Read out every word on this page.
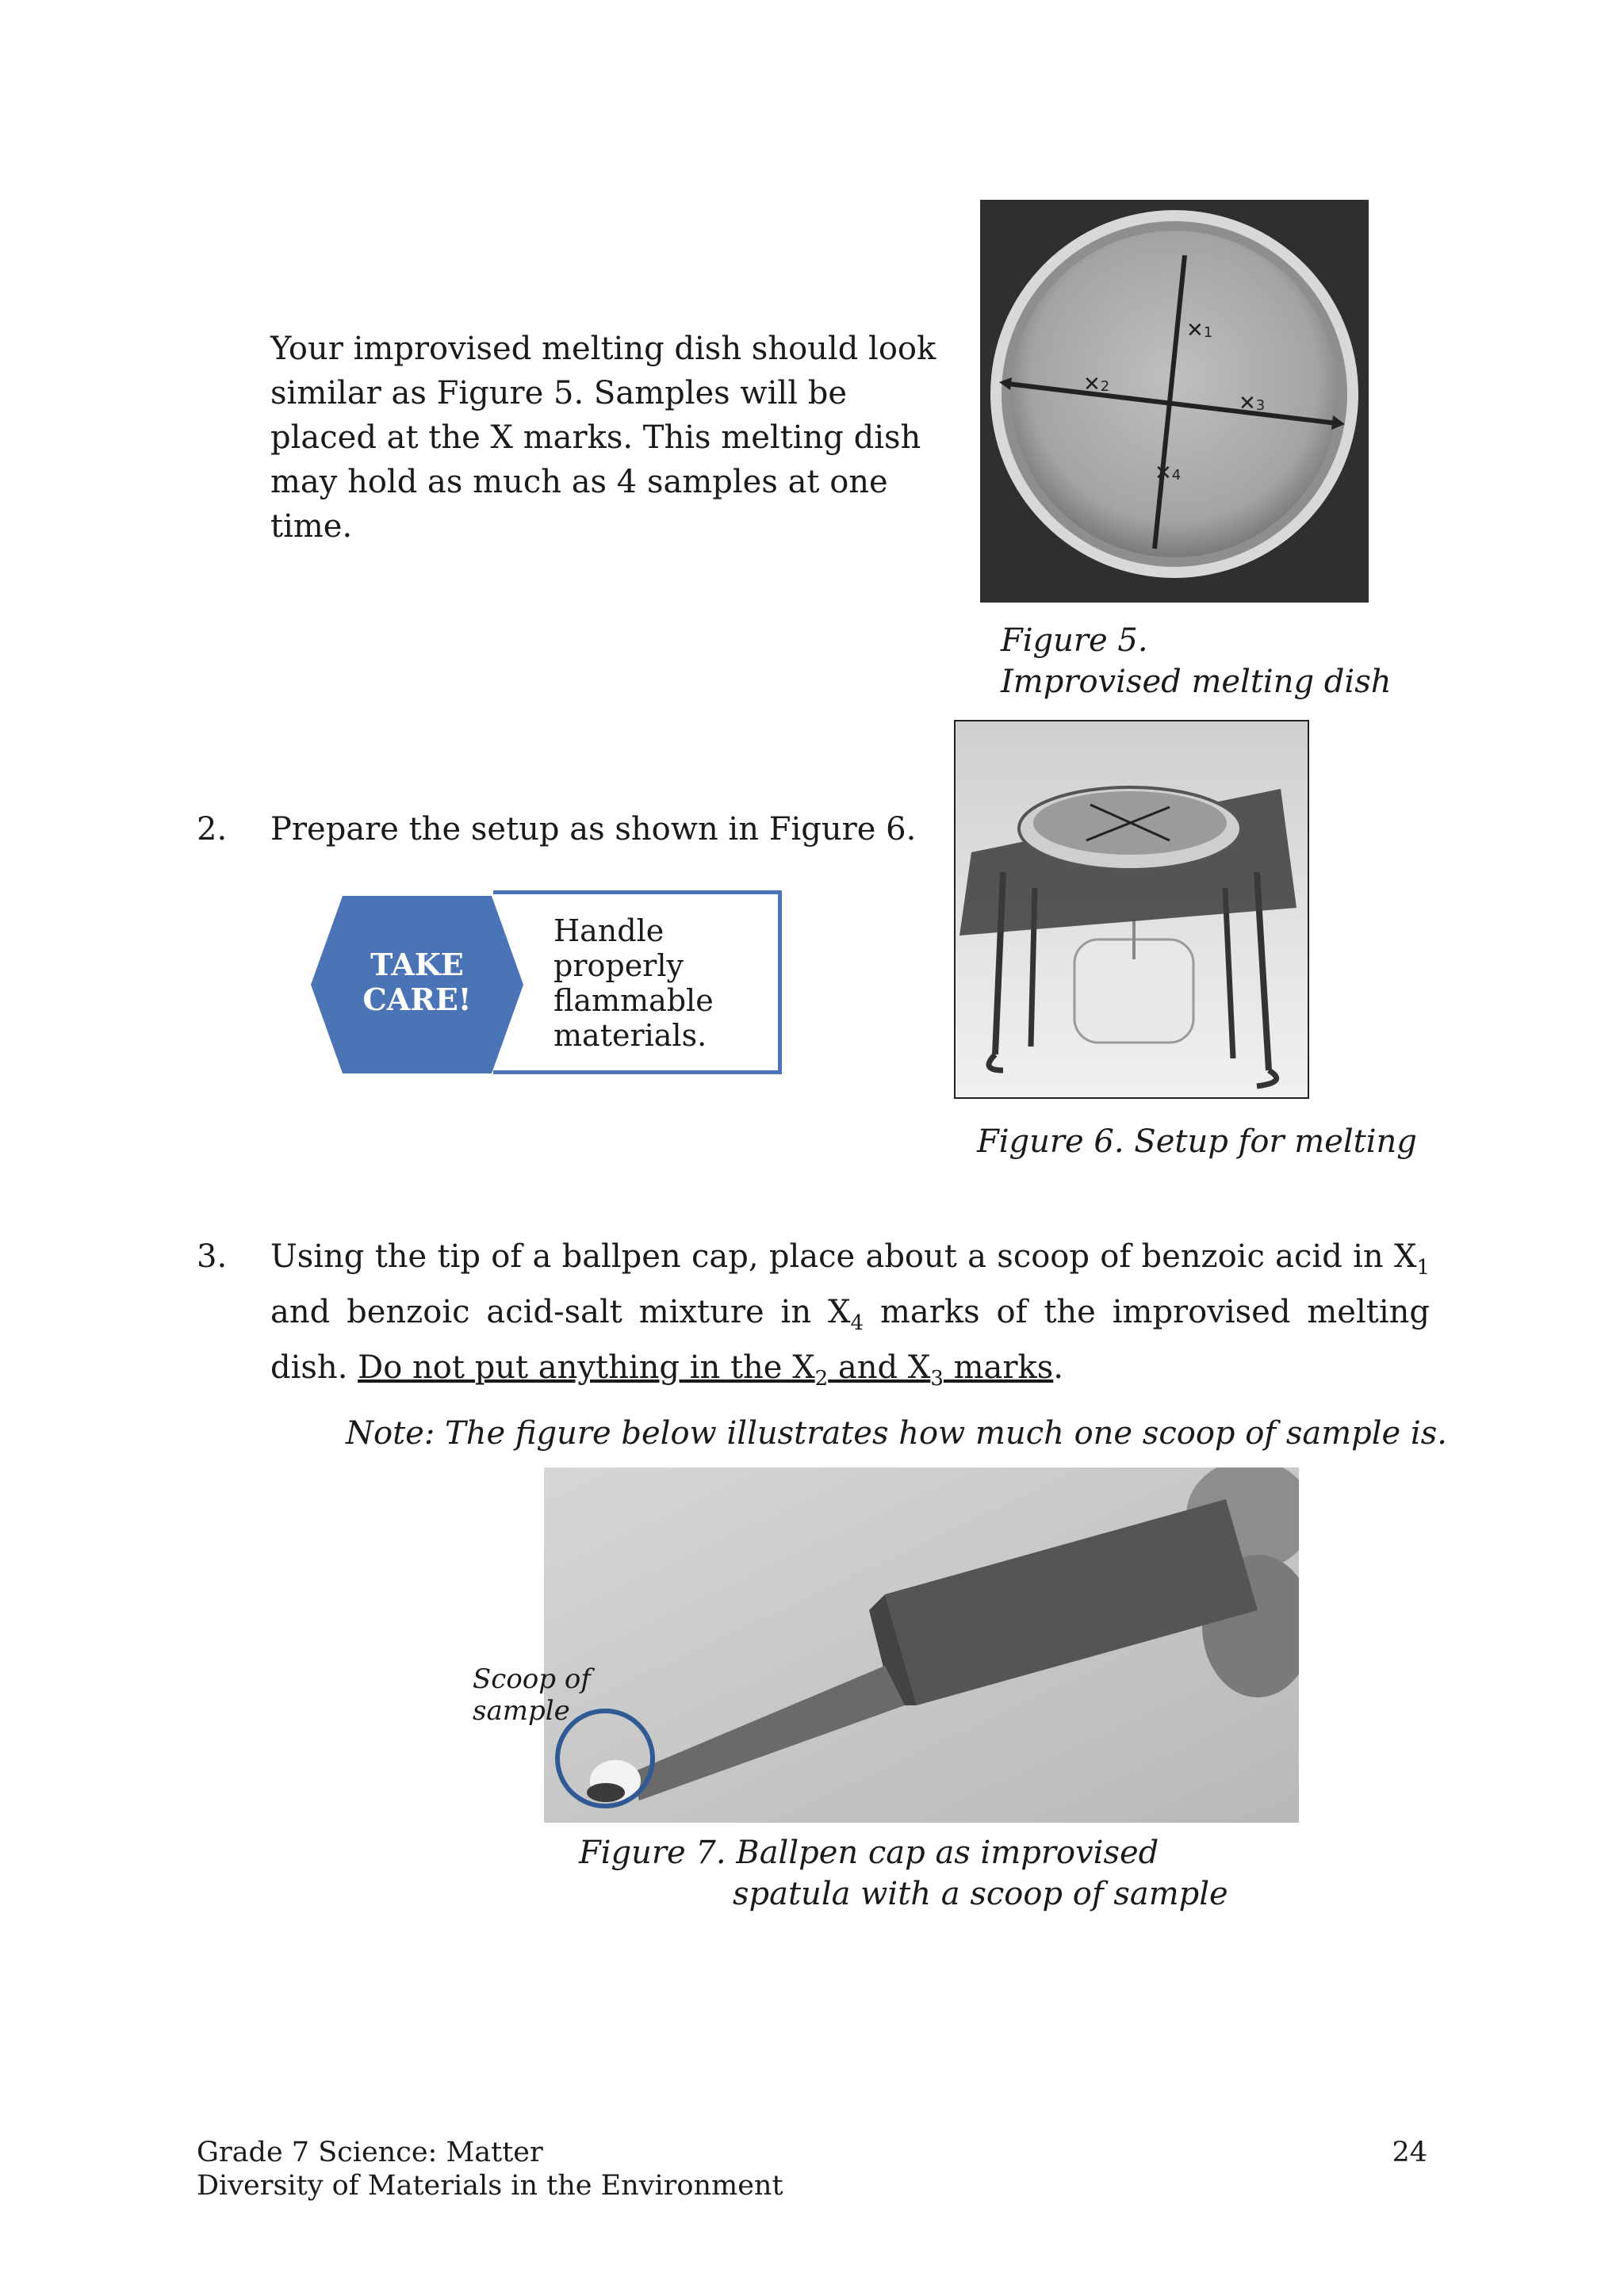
Your improvised melting dish should look
similar as Figure 5. Samples will be
placed at the X marks. This melting dish
may hold as much as 4 samples at one
time.
✕1
✕2
✕3
✕4
Figure 5.
Improvised melting dish
2. Prepare the setup as shown in Figure 6.
TAKE
CARE!
Handle
properly
flammable
materials.
Figure 6. Setup for melting
3. Using the tip of a ballpen cap, place about a scoop of benzoic acid in $X_1$
and benzoic acid-salt mixture in $X_4$ marks of the improvised melting
dish. Do not put anything in the $X_2$ and $X_3$ marks.
Note: The figure below illustrates how much one scoop of sample is.
Scoop of
sample
Figure 7. Ballpen cap as improvised
spatula with a scoop of sample
Grade 7 Science: Matter
Diversity of Materials in the Environment
24
